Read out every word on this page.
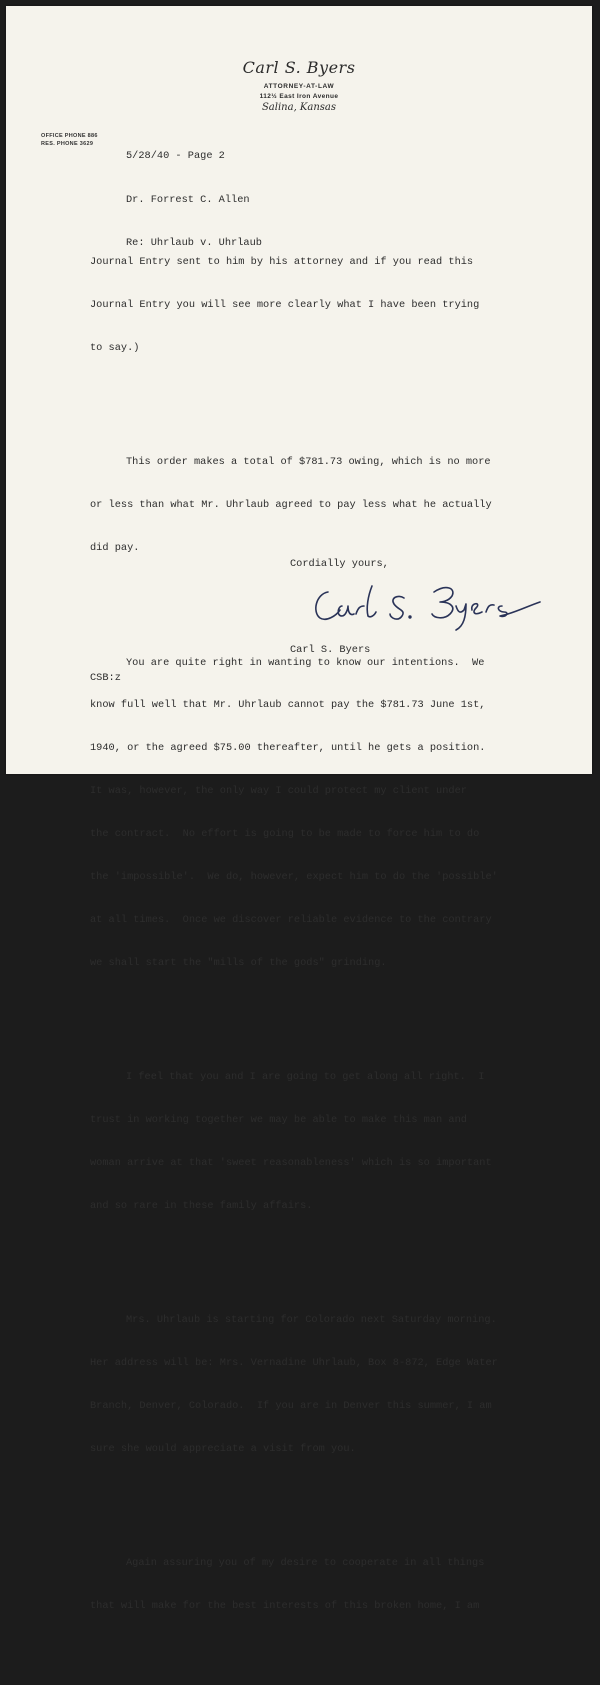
Carl S. Byers
ATTORNEY-AT-LAW
112½ East Iron Avenue
Salina, Kansas
OFFICE PHONE 886
RES. PHONE 3629

5/28/40 - Page 2

Dr. Forrest C. Allen

Re: Uhrlaub v. Uhrlaub

Journal Entry sent to him by his attorney and if you read this

Journal Entry you will see more clearly what I have been trying

to say.)

This order makes a total of $781.73 owing, which is no more

or less than what Mr. Uhrlaub agreed to pay less what he actually

did pay.

You are quite right in wanting to know our intentions.  We

know full well that Mr. Uhrlaub cannot pay the $781.73 June 1st,

1940, or the agreed $75.00 thereafter, until he gets a position.

It was, however, the only way I could protect my client under

the contract.  No effort is going to be made to force him to do

the 'impossible'.  We do, however, expect him to do the 'possible'

at all times.  Once we discover reliable evidence to the contrary

we shall start the "mills of the gods" grinding.

I feel that you and I are going to get along all right.  I

trust in working together we may be able to make this man and

woman arrive at that 'sweet reasonableness' which is so important

and so rare in these family affairs.

Mrs. Uhrlaub is starting for Colorado next Saturday morning.

Her address will be: Mrs. Vernadine Uhrlaub, Box 8-872, Edge Water

Branch, Denver, Colorado.  If you are in Denver this summer, I am

sure she would appreciate a visit from you.

Again assuring you of my desire to cooperate in all things

that will make for the best interests of this broken home, I am

Cordially yours,
Carl S. Byers
CSB:z
